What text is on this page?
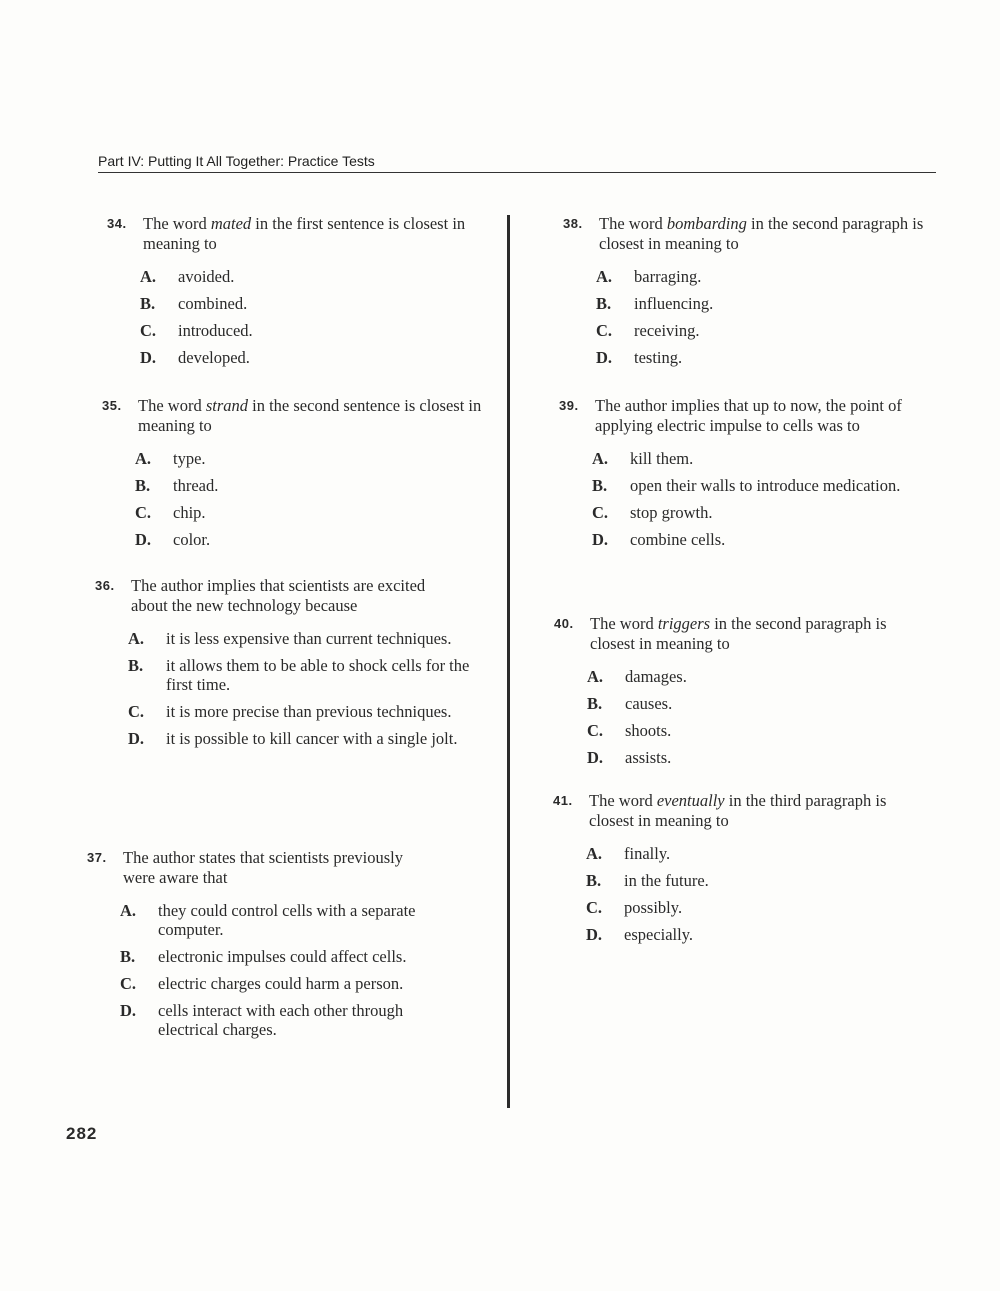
Part IV: Putting It All Together: Practice Tests
34. The word mated in the first sentence is closest in meaning to
A. avoided.
B. combined.
C. introduced.
D. developed.
35. The word strand in the second sentence is closest in meaning to
A. type.
B. thread.
C. chip.
D. color.
36. The author implies that scientists are excited about the new technology because
A. it is less expensive than current techniques.
B. it allows them to be able to shock cells for the first time.
C. it is more precise than previous techniques.
D. it is possible to kill cancer with a single jolt.
37. The author states that scientists previously were aware that
A. they could control cells with a separate computer.
B. electronic impulses could affect cells.
C. electric charges could harm a person.
D. cells interact with each other through electrical charges.
38. The word bombarding in the second paragraph is closest in meaning to
A. barraging.
B. influencing.
C. receiving.
D. testing.
39. The author implies that up to now, the point of applying electric impulse to cells was to
A. kill them.
B. open their walls to introduce medication.
C. stop growth.
D. combine cells.
40. The word triggers in the second paragraph is closest in meaning to
A. damages.
B. causes.
C. shoots.
D. assists.
41. The word eventually in the third paragraph is closest in meaning to
A. finally.
B. in the future.
C. possibly.
D. especially.
282
